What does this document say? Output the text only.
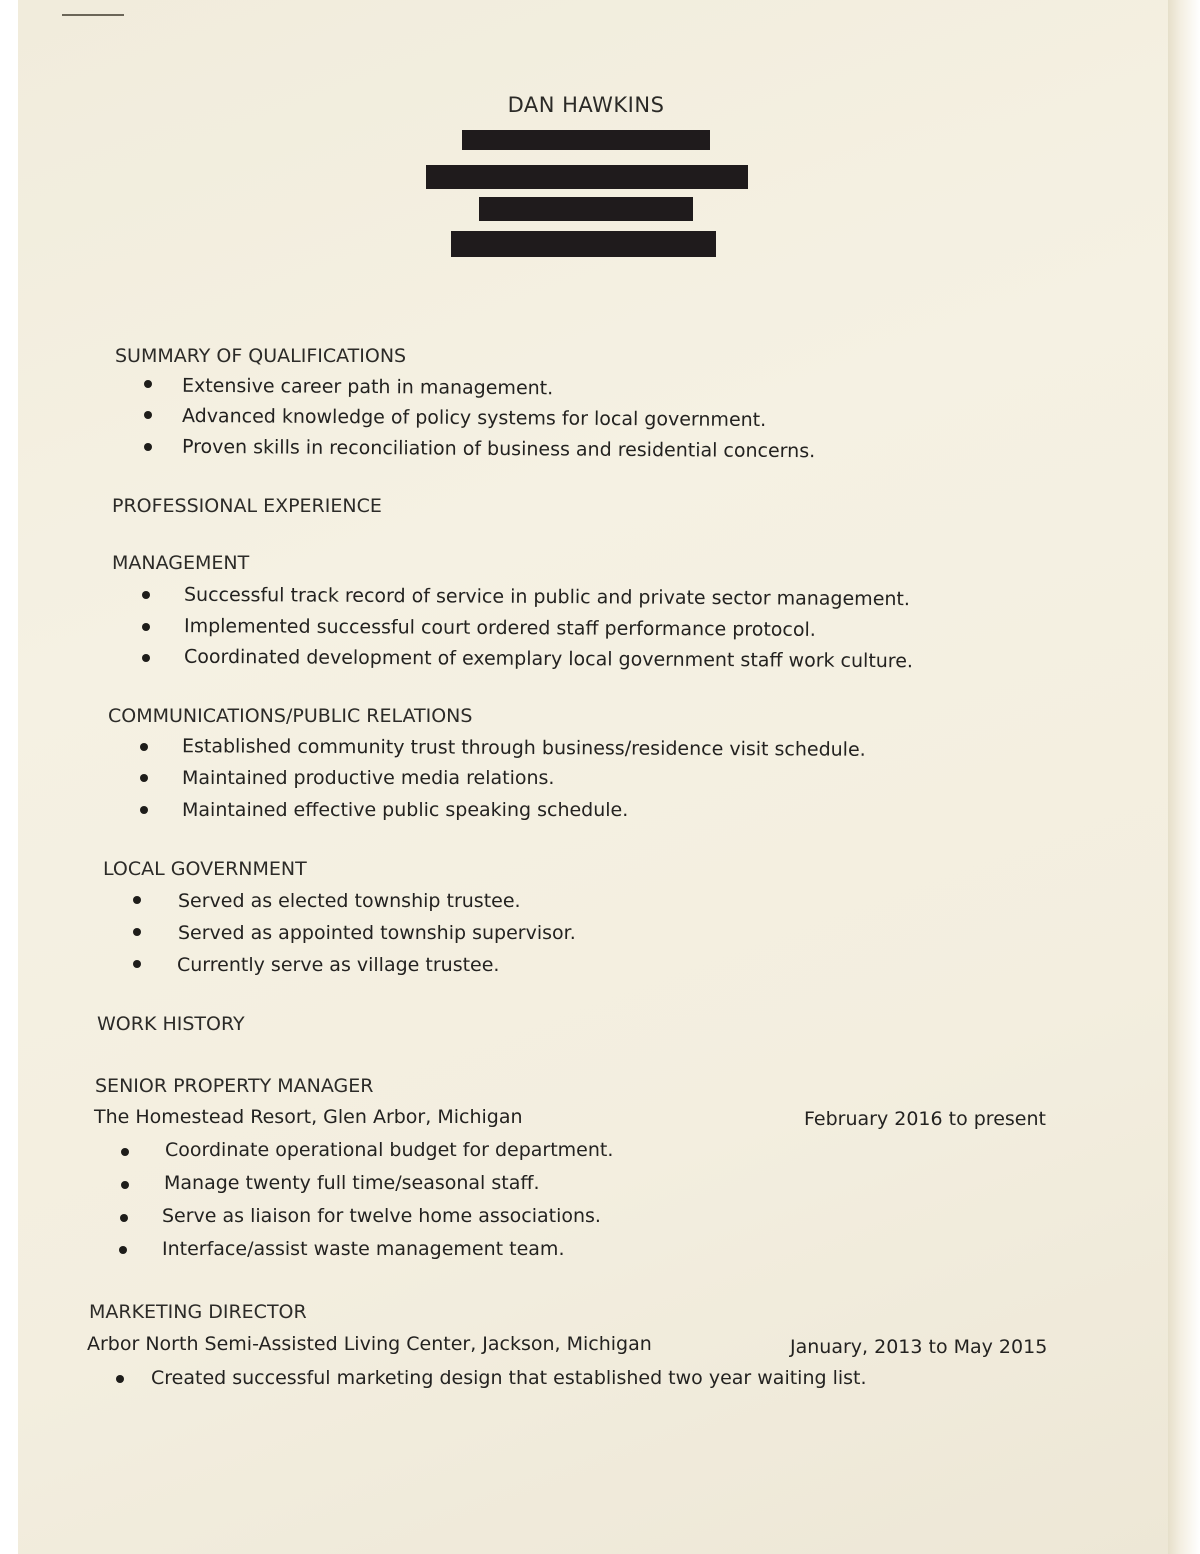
DAN HAWKINS
SUMMARY OF QUALIFICATIONS
Extensive career path in management.
Advanced knowledge of policy systems for local government.
Proven skills in reconciliation of business and residential concerns.
PROFESSIONAL EXPERIENCE
MANAGEMENT
Successful track record of service in public and private sector management.
Implemented successful court ordered staff performance protocol.
Coordinated development of exemplary local government staff work culture.
COMMUNICATIONS/PUBLIC RELATIONS
Established community trust through business/residence visit schedule.
Maintained productive media relations.
Maintained effective public speaking schedule.
LOCAL GOVERNMENT
Served as elected township trustee.
Served as appointed township supervisor.
Currently serve as village trustee.
WORK HISTORY
SENIOR PROPERTY MANAGER
The Homestead Resort, Glen Arbor, Michigan	February 2016 to present
Coordinate operational budget for department.
Manage twenty full time/seasonal staff.
Serve as liaison for twelve home associations.
Interface/assist waste management team.
MARKETING DIRECTOR
Arbor North Semi-Assisted Living Center, Jackson, Michigan	January, 2013 to May 2015
Created successful marketing design that established two year waiting list.
